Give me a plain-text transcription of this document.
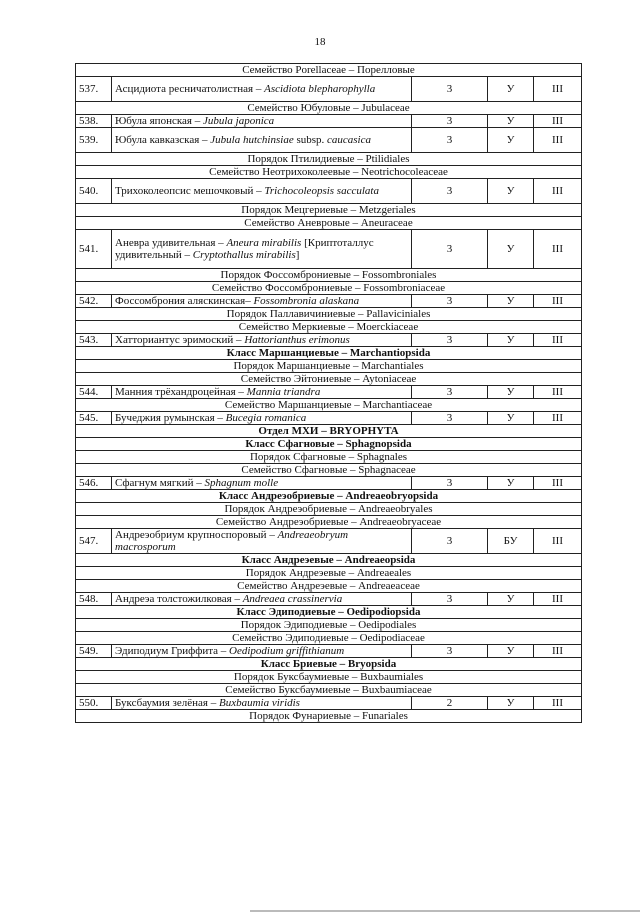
18
Семейство Porellaceae – Порелловые				
537.	Асцидиота ресничатолистная – Ascidiota blepharophylla	3	У	III
Семейство Юбуловые – Jubulaceae				
538.	Юбула японская – Jubula japonica	3	У	III
539.	Юбула кавказская – Jubula hutchinsiae subsp. caucasica	3	У	III
Порядок Птилидиевые – Ptilidiales				
Семейство Неотрихоколеевые – Neotrichocoleaceae				
540.	Трихоколеопсис мешочковый – Trichocoleopsis sacculata	3	У	III
Порядок Мецгериевые – Metzgeriales				
Семейство Аневровые – Aneuraceae				
541.	Аневра удивительная – Aneura mirabilis [Криптоталлус удивительный – Cryptothallus mirabilis]	3	У	III
Порядок Фоссомброниевые – Fossombroniales				
Семейство Фоссомброниевые – Fossombroniaceae				
542.	Фоссомброния аляскинская– Fossombronia alaskana	3	У	III
Порядок Паллавичиниевые – Pallaviciniales				
Семейство Меркиевые – Moerckiaceae				
543.	Хатториантус эримоский – Hattorianthus erimonus	3	У	III
Класс Маршанциевые – Marchantiopsida				
Порядок Маршанциевые – Marchantiales				
Семейство Эйтониевые – Aytoniaceae				
544.	Манния трёхандроцейная – Mannia triandra	3	У	III
Семейство Маршанциевые – Marchantiaceae				
545.	Бучеджия румынская – Bucegia romanica	3	У	III
Отдел МХИ – BRYOPHYTA				
Класс Сфагновые – Sphagnopsida				
Порядок Сфагновые – Sphagnales				
Семейство Сфагновые – Sphagnaceae				
546.	Сфагнум мягкий – Sphagnum molle	3	У	III
Класс Андреэобриевые – Andreaeobryopsida				
Порядок Андреэобриевые – Andreaeobryales				
Семейство Андреэобриевые – Andreaeobryaceae				
547.	Андреэобриум крупноспоровый – Andreaeobryum macrosporum	3	БУ	III
Класс Андреэевые – Andreaeopsida				
Порядок Андреэевые – Andreaeales				
Семейство Андреэевые – Andreaeaceae				
548.	Андреэа толстожилковая – Andreaea crassinervia	3	У	III
Класс Эдиподиевые – Oedipodiopsida				
Порядок Эдиподиевые – Oedipodiales				
Семейство Эдиподиевые – Oedipodiaceae				
549.	Эдиподиум Гриффита – Oedipodium griffithianum	3	У	III
Класс Бриевые – Bryopsida				
Порядок Буксбаумиевые – Buxbaumiales				
Семейство Буксбаумиевые – Buxbaumiaceae				
550.	Буксбаумия зелёная – Buxbaumia viridis	2	У	III
Порядок Фунариевые – Funariales				
